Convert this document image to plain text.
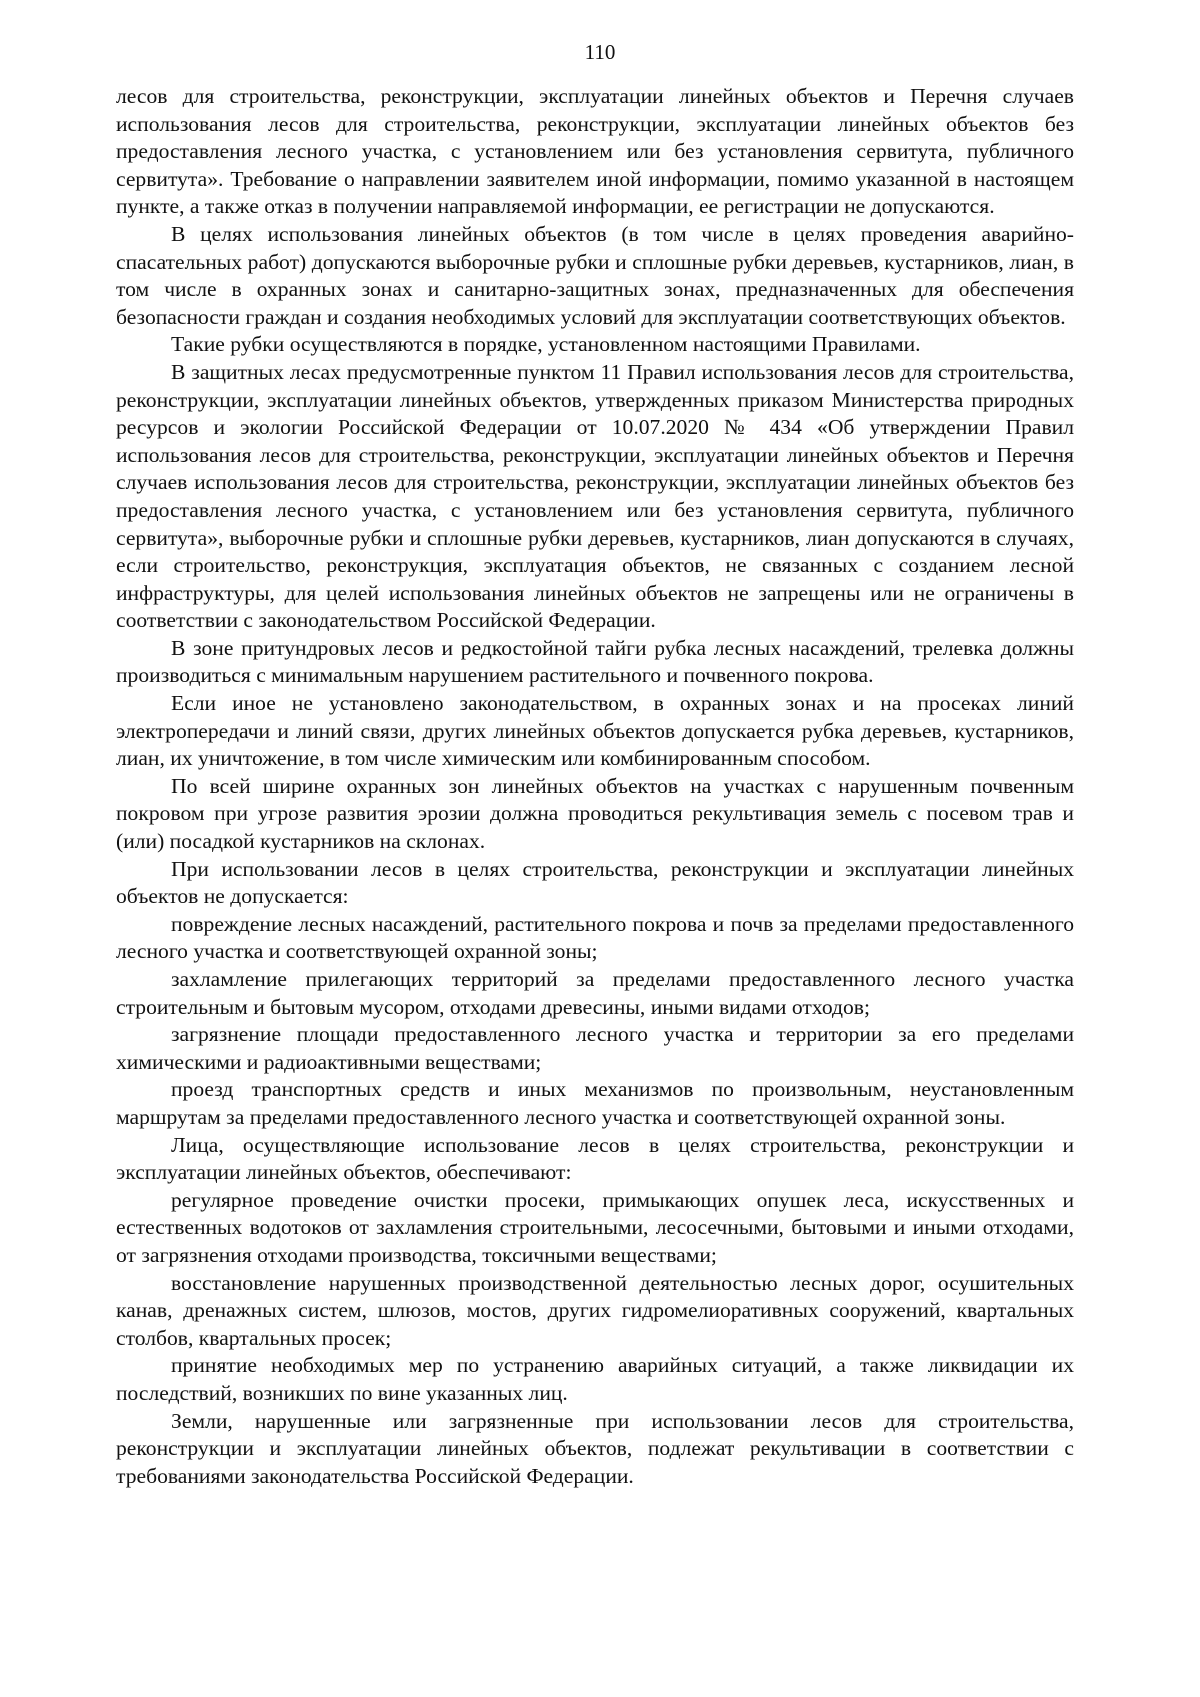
110

лесов для строительства, реконструкции, эксплуатации линейных объектов и Перечня случаев использования лесов для строительства, реконструкции, эксплуатации линейных объектов без предоставления лесного участка, с установлением или без установления сервитута, публичного сервитута». Требование о направлении заявителем иной информации, помимо указанной в настоящем пункте, а также отказ в получении направляемой информации, ее регистрации не допускаются.

В целях использования линейных объектов (в том числе в целях проведения аварийно-спасательных работ) допускаются выборочные рубки и сплошные рубки деревьев, кустарников, лиан, в том числе в охранных зонах и санитарно-защитных зонах, предназначенных для обеспечения безопасности граждан и создания необходимых условий для эксплуатации соответствующих объектов.

Такие рубки осуществляются в порядке, установленном настоящими Правилами.

В защитных лесах предусмотренные пунктом 11 Правил использования лесов для строительства, реконструкции, эксплуатации линейных объектов, утвержденных приказом Министерства природных ресурсов и экологии Российской Федерации от 10.07.2020 № 434 «Об утверждении Правил использования лесов для строительства, реконструкции, эксплуатации линейных объектов и Перечня случаев использования лесов для строительства, реконструкции, эксплуатации линейных объектов без предоставления лесного участка, с установлением или без установления сервитута, публичного сервитута», выборочные рубки и сплошные рубки деревьев, кустарников, лиан допускаются в случаях, если строительство, реконструкция, эксплуатация объектов, не связанных с созданием лесной инфраструктуры, для целей использования линейных объектов не запрещены или не ограничены в соответствии с законодательством Российской Федерации.

В зоне притундровых лесов и редкостойной тайги рубка лесных насаждений, трелевка должны производиться с минимальным нарушением растительного и почвенного покрова.

Если иное не установлено законодательством, в охранных зонах и на просеках линий электропередачи и линий связи, других линейных объектов допускается рубка деревьев, кустарников, лиан, их уничтожение, в том числе химическим или комбинированным способом.

По всей ширине охранных зон линейных объектов на участках с нарушенным почвенным покровом при угрозе развития эрозии должна проводиться рекультивация земель с посевом трав и (или) посадкой кустарников на склонах.

При использовании лесов в целях строительства, реконструкции и эксплуатации линейных объектов не допускается:

повреждение лесных насаждений, растительного покрова и почв за пределами предоставленного лесного участка и соответствующей охранной зоны;

захламление прилегающих территорий за пределами предоставленного лесного участка строительным и бытовым мусором, отходами древесины, иными видами отходов;

загрязнение площади предоставленного лесного участка и территории за его пределами химическими и радиоактивными веществами;

проезд транспортных средств и иных механизмов по произвольным, неустановленным маршрутам за пределами предоставленного лесного участка и соответствующей охранной зоны.

Лица, осуществляющие использование лесов в целях строительства, реконструкции и эксплуатации линейных объектов, обеспечивают:

регулярное проведение очистки просеки, примыкающих опушек леса, искусственных и естественных водотоков от захламления строительными, лесосечными, бытовыми и иными отходами, от загрязнения отходами производства, токсичными веществами;

восстановление нарушенных производственной деятельностью лесных дорог, осушительных канав, дренажных систем, шлюзов, мостов, других гидромелиоративных сооружений, квартальных столбов, квартальных просек;

принятие необходимых мер по устранению аварийных ситуаций, а также ликвидации их последствий, возникших по вине указанных лиц.

Земли, нарушенные или загрязненные при использовании лесов для строительства, реконструкции и эксплуатации линейных объектов, подлежат рекультивации в соответствии с требованиями законодательства Российской Федерации.
